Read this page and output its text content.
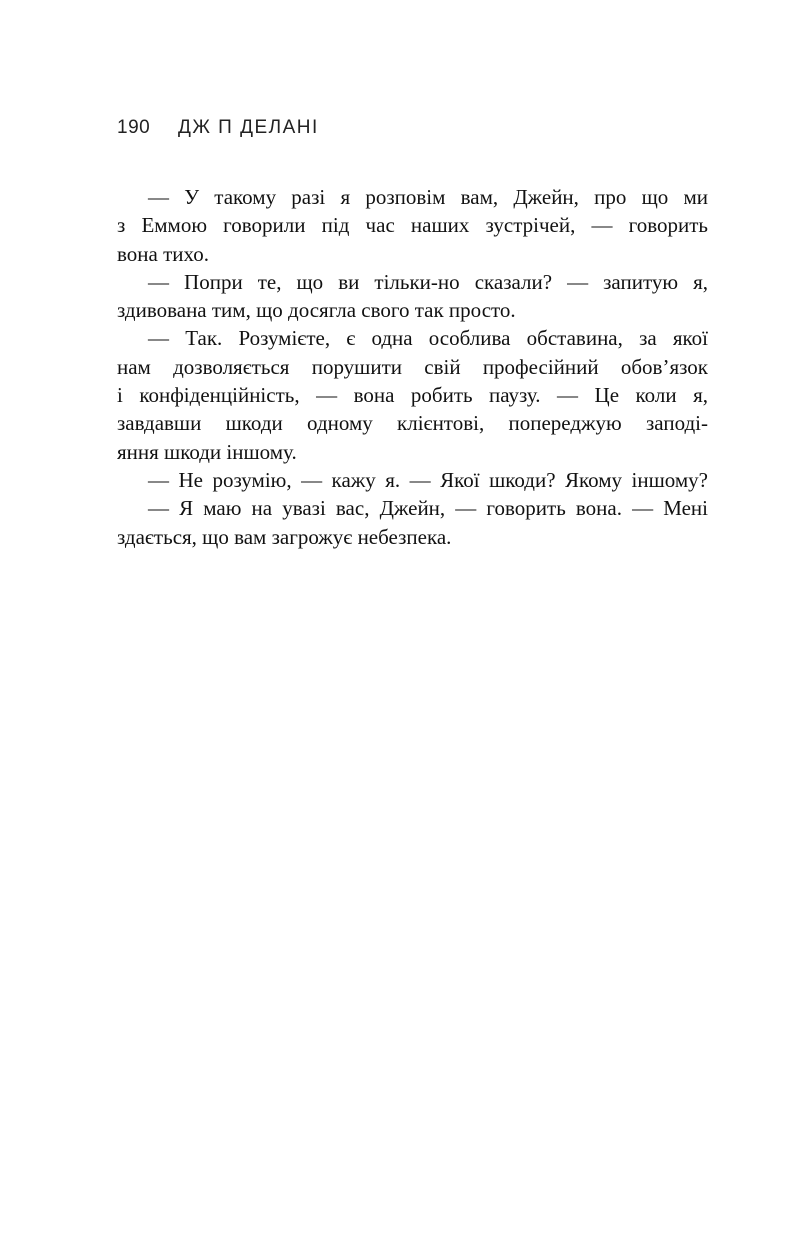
190 ДЖ П ДЕЛАНІ
— У такому разі я розповім вам, Джейн, про що ми
з Еммою говорили під час наших зустрічей, — говорить
вона тихо.
— Попри те, що ви тільки-но сказали? — запитую я,
здивована тим, що досягла свого так просто.
— Так. Розумієте, є одна особлива обставина, за якої
нам дозволяється порушити свій професійний обов’язок
і конфіденційність, — вона робить паузу. — Це коли я,
завдавши шкоди одному клієнтові, попереджую заподі-
яння шкоди іншому.
— Не розумію, — кажу я. — Якої шкоди? Якому іншому?
— Я маю на увазі вас, Джейн, — говорить вона. — Мені
здається, що вам загрожує небезпека.
